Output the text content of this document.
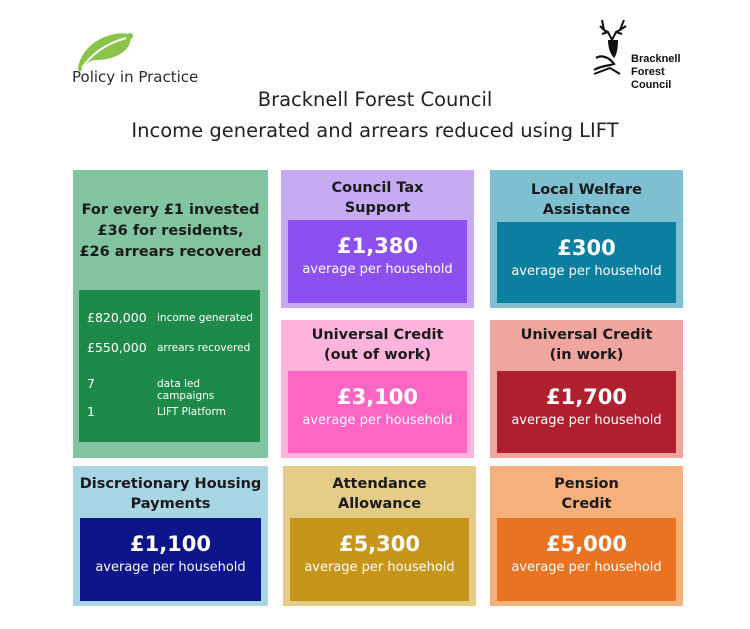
Policy in Practice
Bracknell
Forest
Council
Bracknell Forest Council
Income generated and arrears reduced using LIFT
For every £1 invested
£36 for residents,
£26 arrears recovered
£820,000 income generated
£550,000 arrears recovered
7	data led campaigns
1	LIFT Platform
Council Tax
Support
£1,380
average per household
Local Welfare
Assistance
£300
average per household
Universal Credit
(out of work)
£3,100
average per household
Universal Credit
(in work)
£1,700
average per household
Discretionary Housing
Payments
£1,100
average per household
Attendance
Allowance
£5,300
average per household
Pension
Credit
£5,000
average per household
